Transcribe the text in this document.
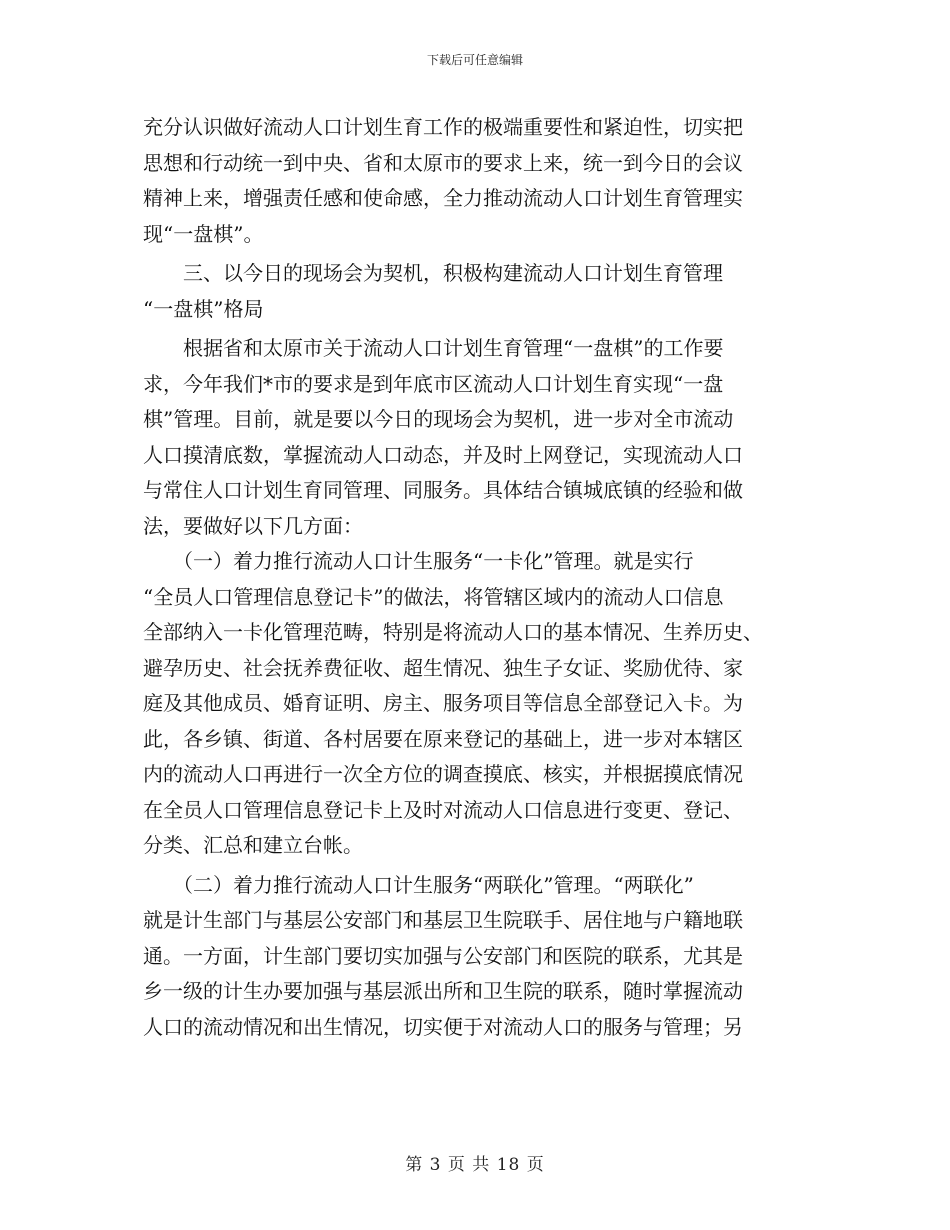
下载后可任意编辑
充分认识做好流动人口计划生育工作的极端重要性和紧迫性，切实把
思想和行动统一到中央、省和太原市的要求上来，统一到今日的会议
精神上来，增强责任感和使命感，全力推动流动人口计划生育管理实
现“一盘棋”。
　　三、以今日的现场会为契机，积极构建流动人口计划生育管理
“一盘棋”格局
　　根据省和太原市关于流动人口计划生育管理“一盘棋”的工作要
求，今年我们*市的要求是到年底市区流动人口计划生育实现“一盘
棋”管理。目前，就是要以今日的现场会为契机，进一步对全市流动
人口摸清底数，掌握流动人口动态，并及时上网登记，实现流动人口
与常住人口计划生育同管理、同服务。具体结合镇城底镇的经验和做
法，要做好以下几方面：
　　（一）着力推行流动人口计生服务“一卡化”管理。就是实行
“全员人口管理信息登记卡”的做法，将管辖区域内的流动人口信息
全部纳入一卡化管理范畴，特别是将流动人口的基本情况、生养历史、
避孕历史、社会抚养费征收、超生情况、独生子女证、奖励优待、家
庭及其他成员、婚育证明、房主、服务项目等信息全部登记入卡。为
此，各乡镇、街道、各村居要在原来登记的基础上，进一步对本辖区
内的流动人口再进行一次全方位的调查摸底、核实，并根据摸底情况
在全员人口管理信息登记卡上及时对流动人口信息进行变更、登记、
分类、汇总和建立台帐。
　　（二）着力推行流动人口计生服务“两联化”管理。“两联化”
就是计生部门与基层公安部门和基层卫生院联手、居住地与户籍地联
通。一方面，计生部门要切实加强与公安部门和医院的联系，尤其是
乡一级的计生办要加强与基层派出所和卫生院的联系，随时掌握流动
人口的流动情况和出生情况，切实便于对流动人口的服务与管理；另
第 3 页 共 18 页
